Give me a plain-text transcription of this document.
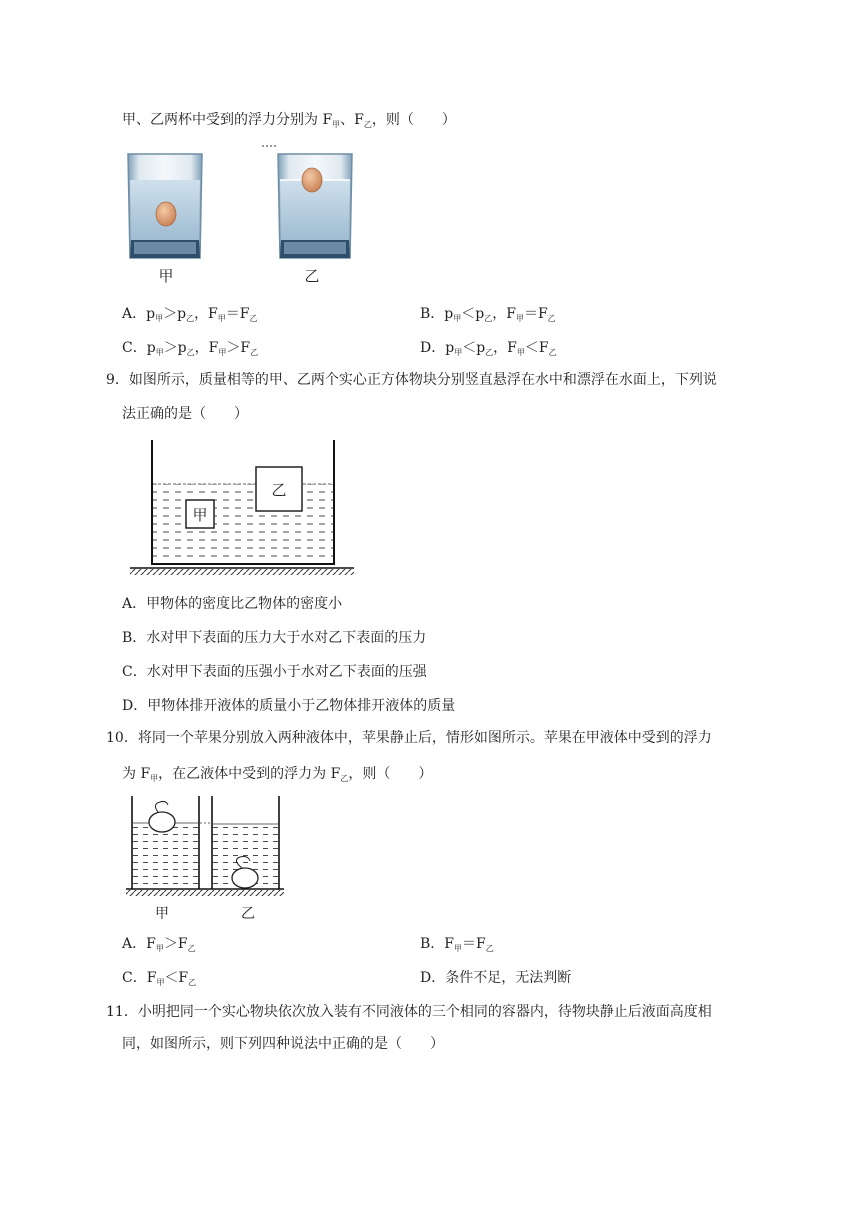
甲、乙两杯中受到的浮力分别为 $F_甲$、$F_乙$，则（　　）
甲	乙
A．$p_甲>p_乙$，$F_甲=F_乙$	B．$p_甲<p_乙$，$F_甲=F_乙$
C．$p_甲>p_乙$，$F_甲>F_乙$	D．$p_甲<p_乙$，$F_甲<F_乙$
9．如图所示，质量相等的甲、乙两个实心正方体物块分别竖直悬浮在水中和漂浮在水面上，下列说
法正确的是（　　）
甲
乙
A．甲物体的密度比乙物体的密度小
B．水对甲下表面的压力大于水对乙下表面的压力
C．水对甲下表面的压强小于水对乙下表面的压强
D．甲物体排开液体的质量小于乙物体排开液体的质量
10．将同一个苹果分别放入两种液体中，苹果静止后，情形如图所示。苹果在甲液体中受到的浮力
为 $F_甲$，在乙液体中受到的浮力为 $F_乙$，则（　　）
甲	乙
A．$F_甲>F_乙$	B．$F_甲=F_乙$
C．$F_甲<F_乙$	D．条件不足，无法判断
11．小明把同一个实心物块依次放入装有不同液体的三个相同的容器内，待物块静止后液面高度相
同，如图所示，则下列四种说法中正确的是（　　）
